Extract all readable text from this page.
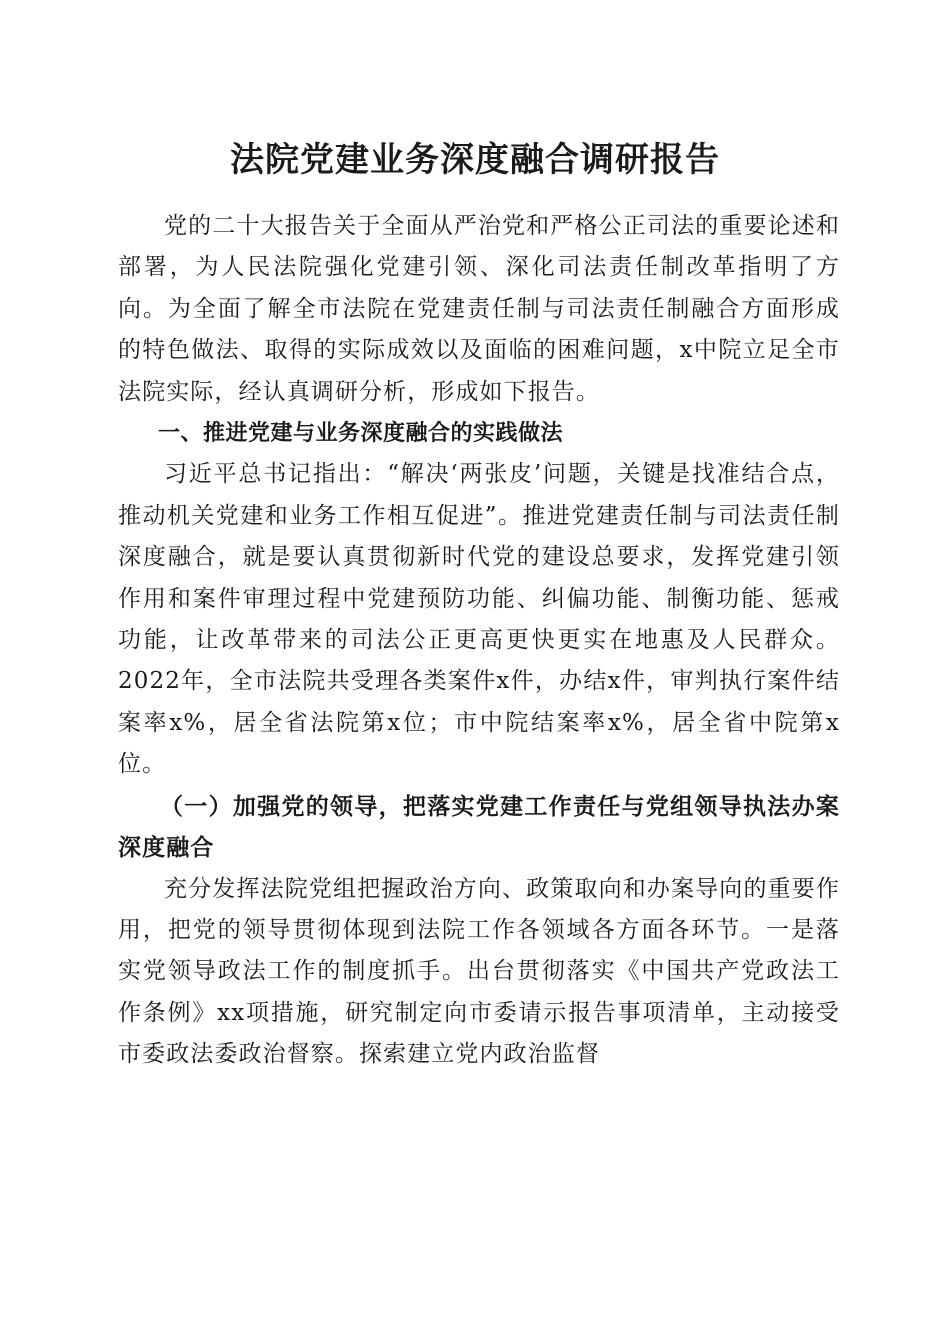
法院党建业务深度融合调研报告

党的二十大报告关于全面从严治党和严格公正司法的重要论述和部署，为人民法院强化党建引领、深化司法责任制改革指明了方向。为全面了解全市法院在党建责任制与司法责任制融合方面形成的特色做法、取得的实际成效以及面临的困难问题，x中院立足全市法院实际，经认真调研分析，形成如下报告。

一、推进党建与业务深度融合的实践做法

习近平总书记指出：“解决‘两张皮’问题，关键是找准结合点，推动机关党建和业务工作相互促进”。推进党建责任制与司法责任制深度融合，就是要认真贯彻新时代党的建设总要求，发挥党建引领作用和案件审理过程中党建预防功能、纠偏功能、制衡功能、惩戒功能，让改革带来的司法公正更高更快更实在地惠及人民群众。2022年，全市法院共受理各类案件x件，办结x件，审判执行案件结案率x%，居全省法院第x位；市中院结案率x%，居全省中院第x位。

（一）加强党的领导，把落实党建工作责任与党组领导执法办案深度融合

充分发挥法院党组把握政治方向、政策取向和办案导向的重要作用，把党的领导贯彻体现到法院工作各领域各方面各环节。一是落实党领导政法工作的制度抓手。出台贯彻落实《中国共产党政法工作条例》xx项措施，研究制定向市委请示报告事项清单，主动接受市委政法委政治督察。探索建立党内政治监督
